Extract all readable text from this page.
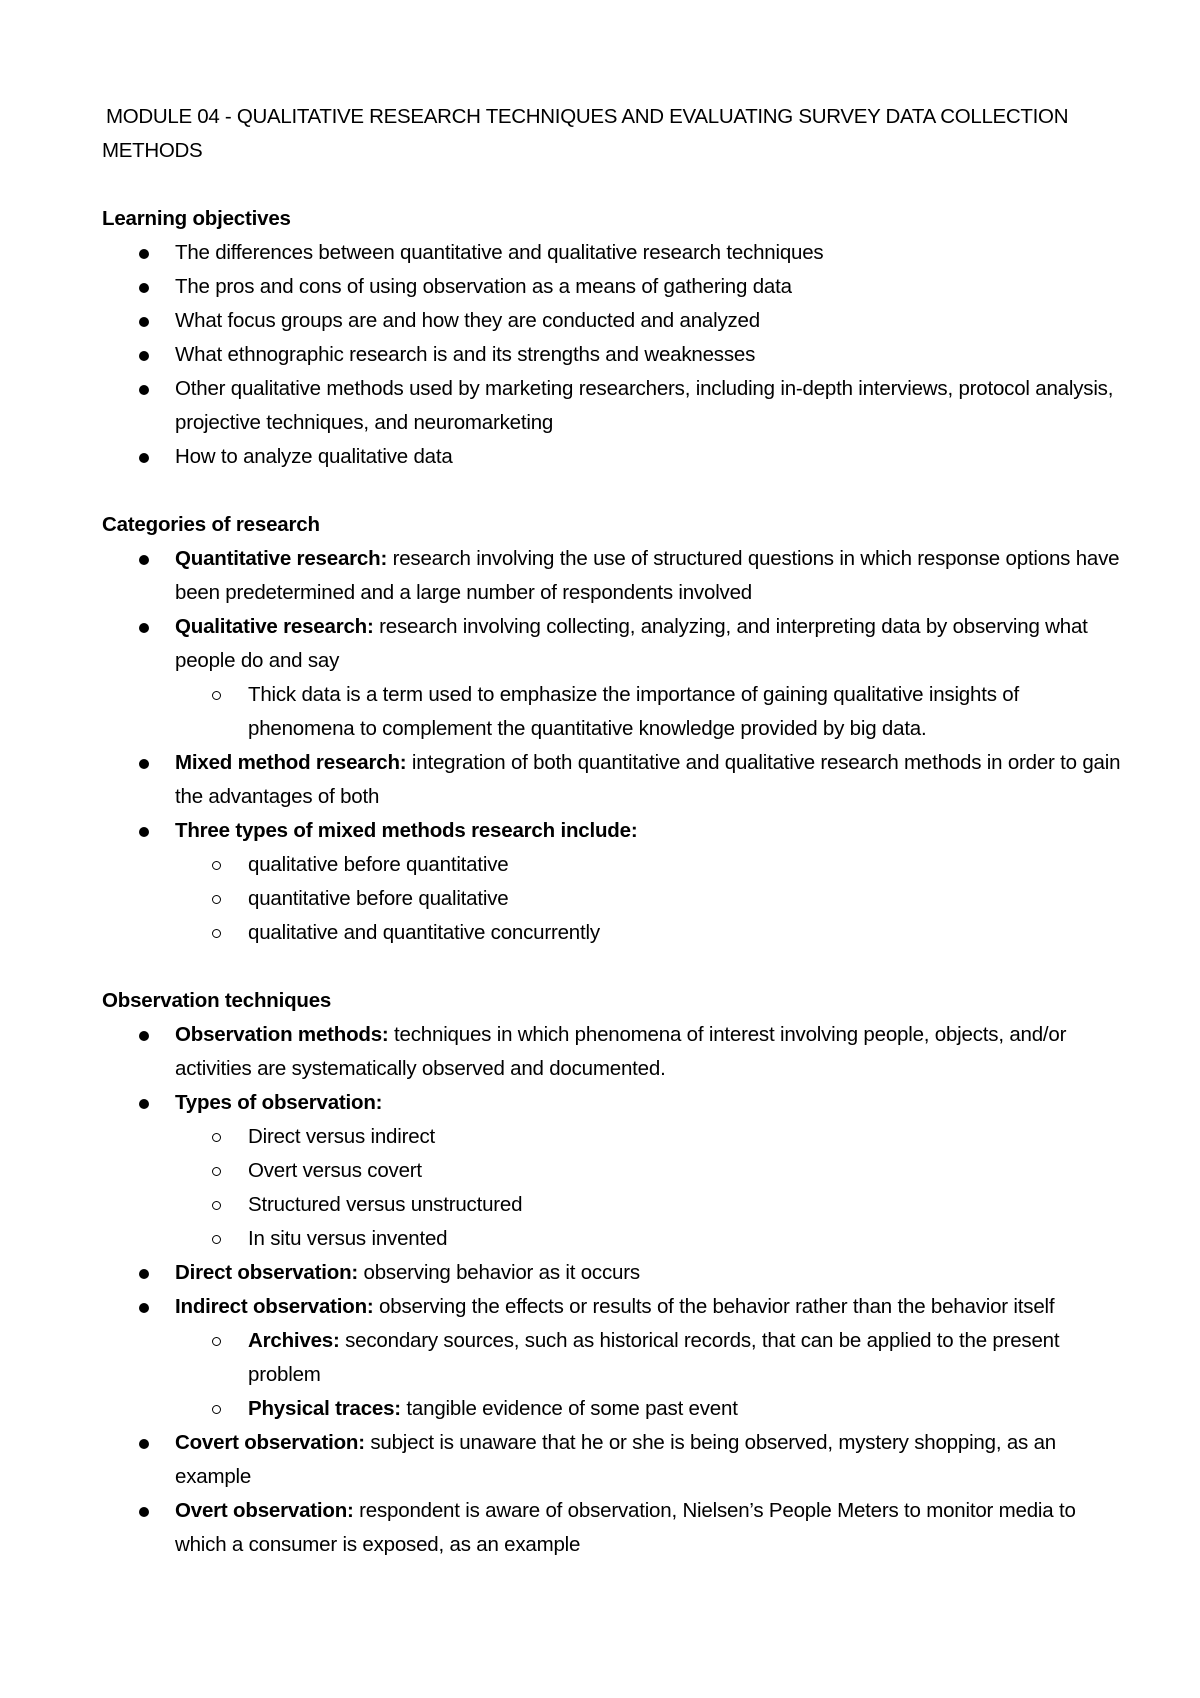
MODULE 04 - QUALITATIVE RESEARCH TECHNIQUES AND EVALUATING SURVEY DATA COLLECTION METHODS
Learning objectives
The differences between quantitative and qualitative research techniques
The pros and cons of using observation as a means of gathering data
What focus groups are and how they are conducted and analyzed
What ethnographic research is and its strengths and weaknesses
Other qualitative methods used by marketing researchers, including in-depth interviews, protocol analysis, projective techniques, and neuromarketing
How to analyze qualitative data
Categories of research
Quantitative research: research involving the use of structured questions in which response options have been predetermined and a large number of respondents involved
Qualitative research: research involving collecting, analyzing, and interpreting data by observing what people do and say
Thick data is a term used to emphasize the importance of gaining qualitative insights of phenomena to complement the quantitative knowledge provided by big data.
Mixed method research: integration of both quantitative and qualitative research methods in order to gain the advantages of both
Three types of mixed methods research include:
qualitative before quantitative
quantitative before qualitative
qualitative and quantitative concurrently
Observation techniques
Observation methods: techniques in which phenomena of interest involving people, objects, and/or activities are systematically observed and documented.
Types of observation:
Direct versus indirect
Overt versus covert
Structured versus unstructured
In situ versus invented
Direct observation: observing behavior as it occurs
Indirect observation: observing the effects or results of the behavior rather than the behavior itself
Archives: secondary sources, such as historical records, that can be applied to the present problem
Physical traces: tangible evidence of some past event
Covert observation: subject is unaware that he or she is being observed, mystery shopping, as an example
Overt observation: respondent is aware of observation, Nielsen’s People Meters to monitor media to which a consumer is exposed, as an example
